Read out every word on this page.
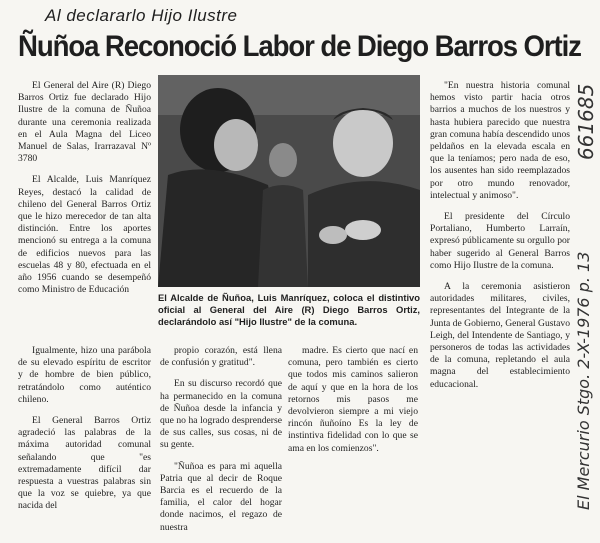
Al declararlo Hijo Ilustre
Ñuñoa Reconoció Labor de Diego Barros Ortiz

El General del Aire (R) Diego Barros Ortiz fue declarado Hijo Ilustre de la comuna de Ñuñoa durante una ceremonia realizada en el Aula Magna del Liceo Manuel de Salas, Irarrazaval Nº 3780

El Alcalde, Luis Manríquez Reyes, destacó la calidad de chileno del General Barros Ortiz que le hizo merecedor de tan alta distinción. Entre los aportes mencionó su entrega a la comuna de edificios nuevos para las escuelas 48 y 80, efectuada en el año 1956 cuando se desempeñó como Ministro de Educación

El Alcalde de Ñuñoa, Luis Manríquez, coloca el distintivo oficial al General del Aire (R) Diego Barros Ortiz, declarándolo así "Hijo Ilustre" de la comuna.

Igualmente, hizo una parábola de su elevado espíritu de escritor y de hombre de bien público, retratándolo como auténtico chileno.

El General Barros Ortiz agradeció las palabras de la máxima autoridad comunal señalando que "es extremadamente difícil dar respuesta a vuestras palabras sin que la voz se quiebre, ya que nacida del

propio corazón, está llena de confusión y gratitud".

En su discurso recordó que ha permanecido en la comuna de Ñuñoa desde la infancia y que no ha logrado desprenderse de sus calles, sus cosas, ni de su gente.

"Ñuñoa es para mi aquella Patria que al decir de Roque Barcia es el recuerdo de la familia, el calor del hogar donde nacimos, el regazo de nuestra

madre. Es cierto que nací en comuna, pero también es cierto que todos mis caminos salieron de aquí y que en la hora de los retornos mis pasos me devolvieron siempre a mi viejo rincón ñuñoíno Es la ley de instintiva fidelidad con lo que se ama en los comienzos".

"En nuestra historia comunal hemos visto partir hacia otros barrios a muchos de los nuestros y hasta hubiera parecido que nuestra gran comuna había descendido unos peldaños en la elevada escala en que la teníamos; pero nada de eso, los ausentes han sido reemplazados por otro mundo renovador, intelectual y animoso".

El presidente del Círculo Portaliano, Humberto Larraín, expresó públicamente su orgullo por haber sugerido al General Barros como Hijo Ilustre de la comuna.

A la ceremonia asistieron autoridades militares, civiles, representantes del Integrante de la Junta de Gobierno, General Gustavo Leigh, del Intendente de Santiago, y personeros de todas las actividades de la comuna, repletando el aula magna del establecimiento educacional.

661685
El Mercurio Stgo. 2-X-1976 p. 13
